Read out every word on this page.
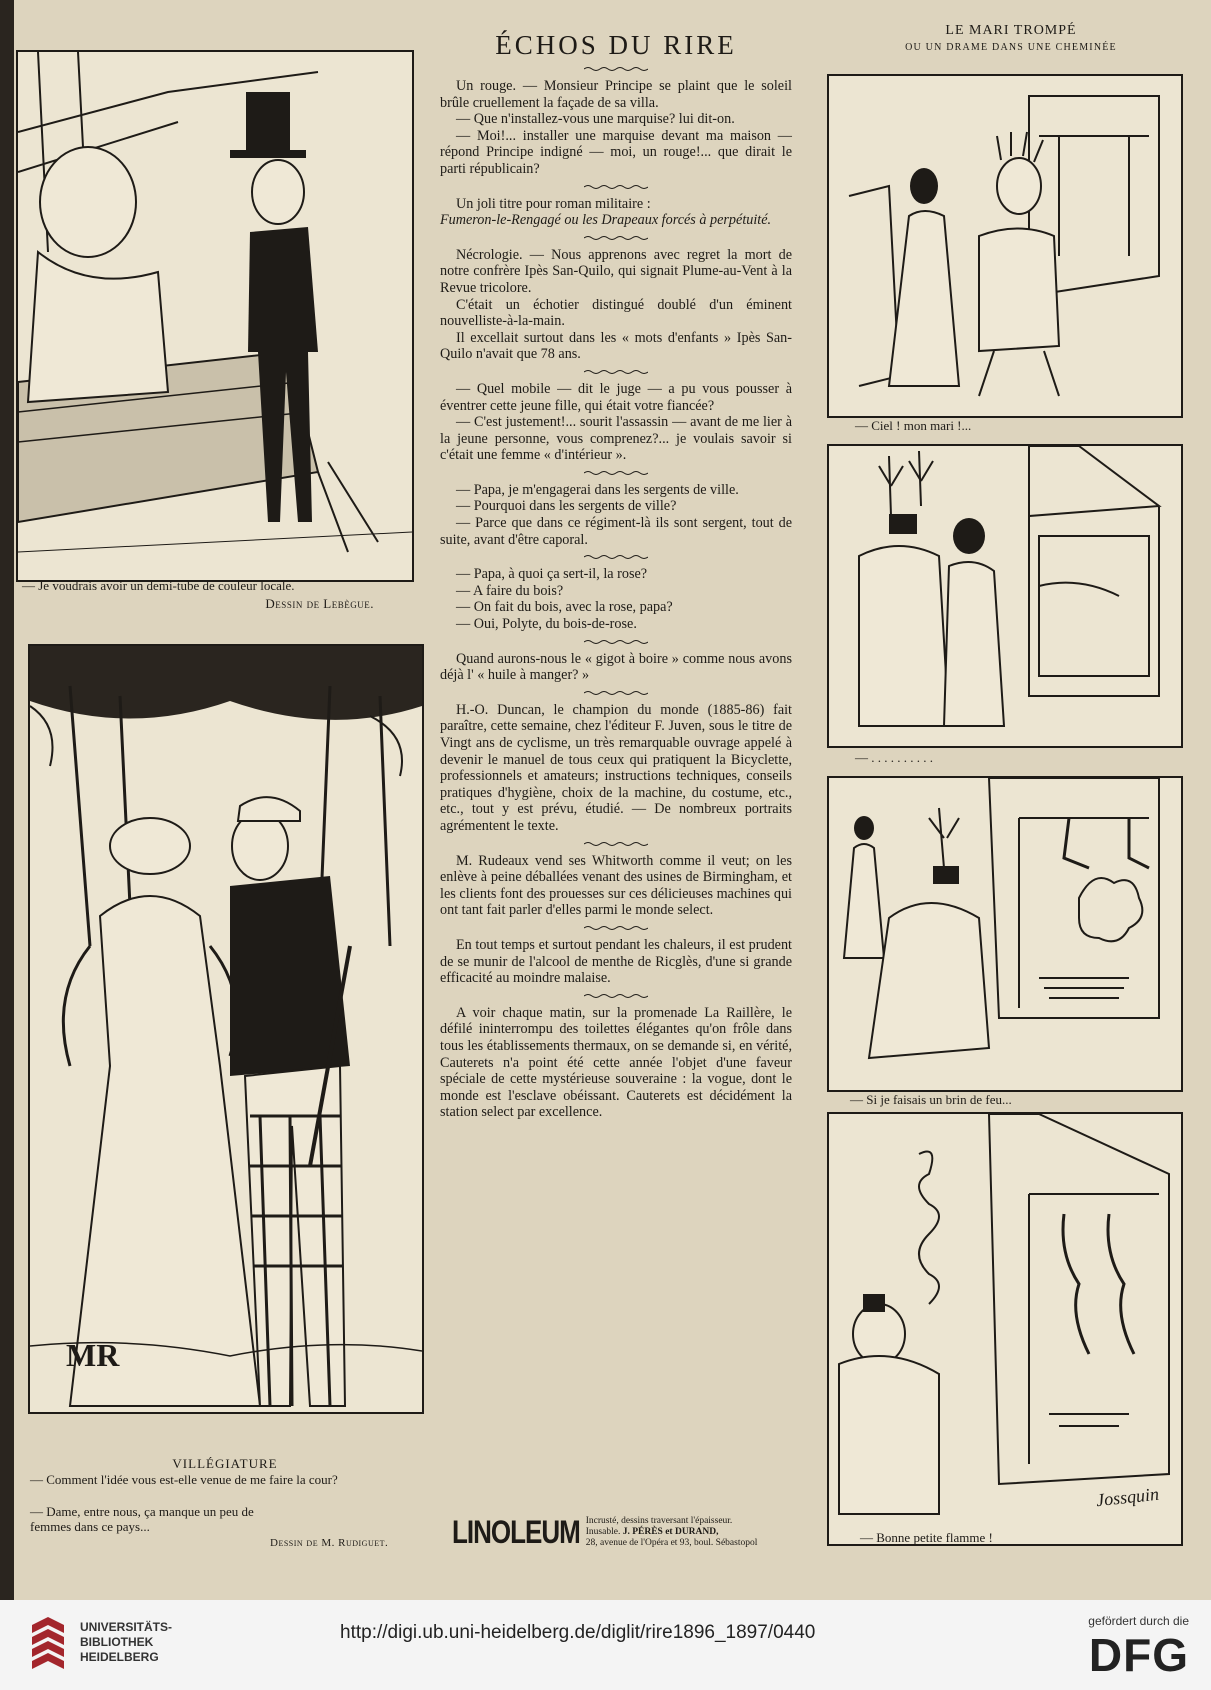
— Je voudrais avoir un demi-tube de couleur locale.
Dessin de Lebègue.
MR
VILLÉGIATURE
— Comment l'idée vous est-elle venue de me faire la cour?
— Dame, entre nous, ça manque un peu de femmes dans ce pays...
Dessin de M. Rudiguet.
ÉCHOS DU RIRE

Un rouge. — Monsieur Principe se plaint que le soleil brûle cruellement la façade de sa villa.

— Que n'installez-vous une marquise? lui dit-on.

— Moi!... installer une marquise devant ma maison — répond Principe indigné — moi, un rouge!... que dirait le parti républicain?

Un joli titre pour roman militaire :

Fumeron-le-Rengagé ou les Drapeaux forcés à perpétuité.

Nécrologie. — Nous apprenons avec regret la mort de notre confrère Ipès San-Quilo, qui signait Plume-au-Vent à la Revue tricolore.

C'était un échotier distingué doublé d'un éminent nouvelliste-à-la-main.

Il excellait surtout dans les « mots d'enfants » Ipès San-Quilo n'avait que 78 ans.

— Quel mobile — dit le juge — a pu vous pousser à éventrer cette jeune fille, qui était votre fiancée?

— C'est justement!... sourit l'assassin — avant de me lier à la jeune personne, vous comprenez?... je voulais savoir si c'était une femme « d'intérieur ».

— Papa, je m'engagerai dans les sergents de ville.

— Pourquoi dans les sergents de ville?

— Parce que dans ce régiment-là ils sont sergent, tout de suite, avant d'être caporal.

— Papa, à quoi ça sert-il, la rose?

— A faire du bois?

— On fait du bois, avec la rose, papa?

— Oui, Polyte, du bois-de-rose.

Quand aurons-nous le « gigot à boire » comme nous avons déjà l' « huile à manger? »

H.-O. Duncan, le champion du monde (1885-86) fait paraître, cette semaine, chez l'éditeur F. Juven, sous le titre de Vingt ans de cyclisme, un très remarquable ouvrage appelé à devenir le manuel de tous ceux qui pratiquent la Bicyclette, professionnels et amateurs; instructions techniques, conseils pratiques d'hygiène, choix de la machine, du costume, etc., etc., tout y est prévu, étudié. — De nombreux portraits agrémentent le texte.

M. Rudeaux vend ses Whitworth comme il veut; on les enlève à peine déballées venant des usines de Birmingham, et les clients font des prouesses sur ces délicieuses machines qui ont tant fait parler d'elles parmi le monde select.

En tout temps et surtout pendant les chaleurs, il est prudent de se munir de l'alcool de menthe de Ricglès, d'une si grande efficacité au moindre malaise.

A voir chaque matin, sur la promenade La Raillère, le défilé ininterrompu des toilettes élégantes qu'on frôle dans tous les établissements thermaux, on se demande si, en vérité, Cauterets n'a point été cette année l'objet d'une faveur spéciale de cette mystérieuse souveraine : la vogue, dont le monde est l'esclave obéissant. Cauterets est décidément la station select par excellence.

LINOLEUM Incrusté, dessins traversant l'épaisseur.
Inusable. J. PÉRÈS et DURAND,
28, avenue de l'Opéra et 93, boul. Sébastopol
LE MARI TROMPÉ
OU UN DRAME DANS UNE CHEMINÉE
— Ciel ! mon mari !...
— . . . . . . . . . .
— Si je faisais un brin de feu...
Jossquin
— Bonne petite flamme !
UNIVERSITÄTS-
BIBLIOTHEK
HEIDELBERG
http://digi.ub.uni-heidelberg.de/diglit/rire1896_1897/0440
gefördert durch die
DFG
